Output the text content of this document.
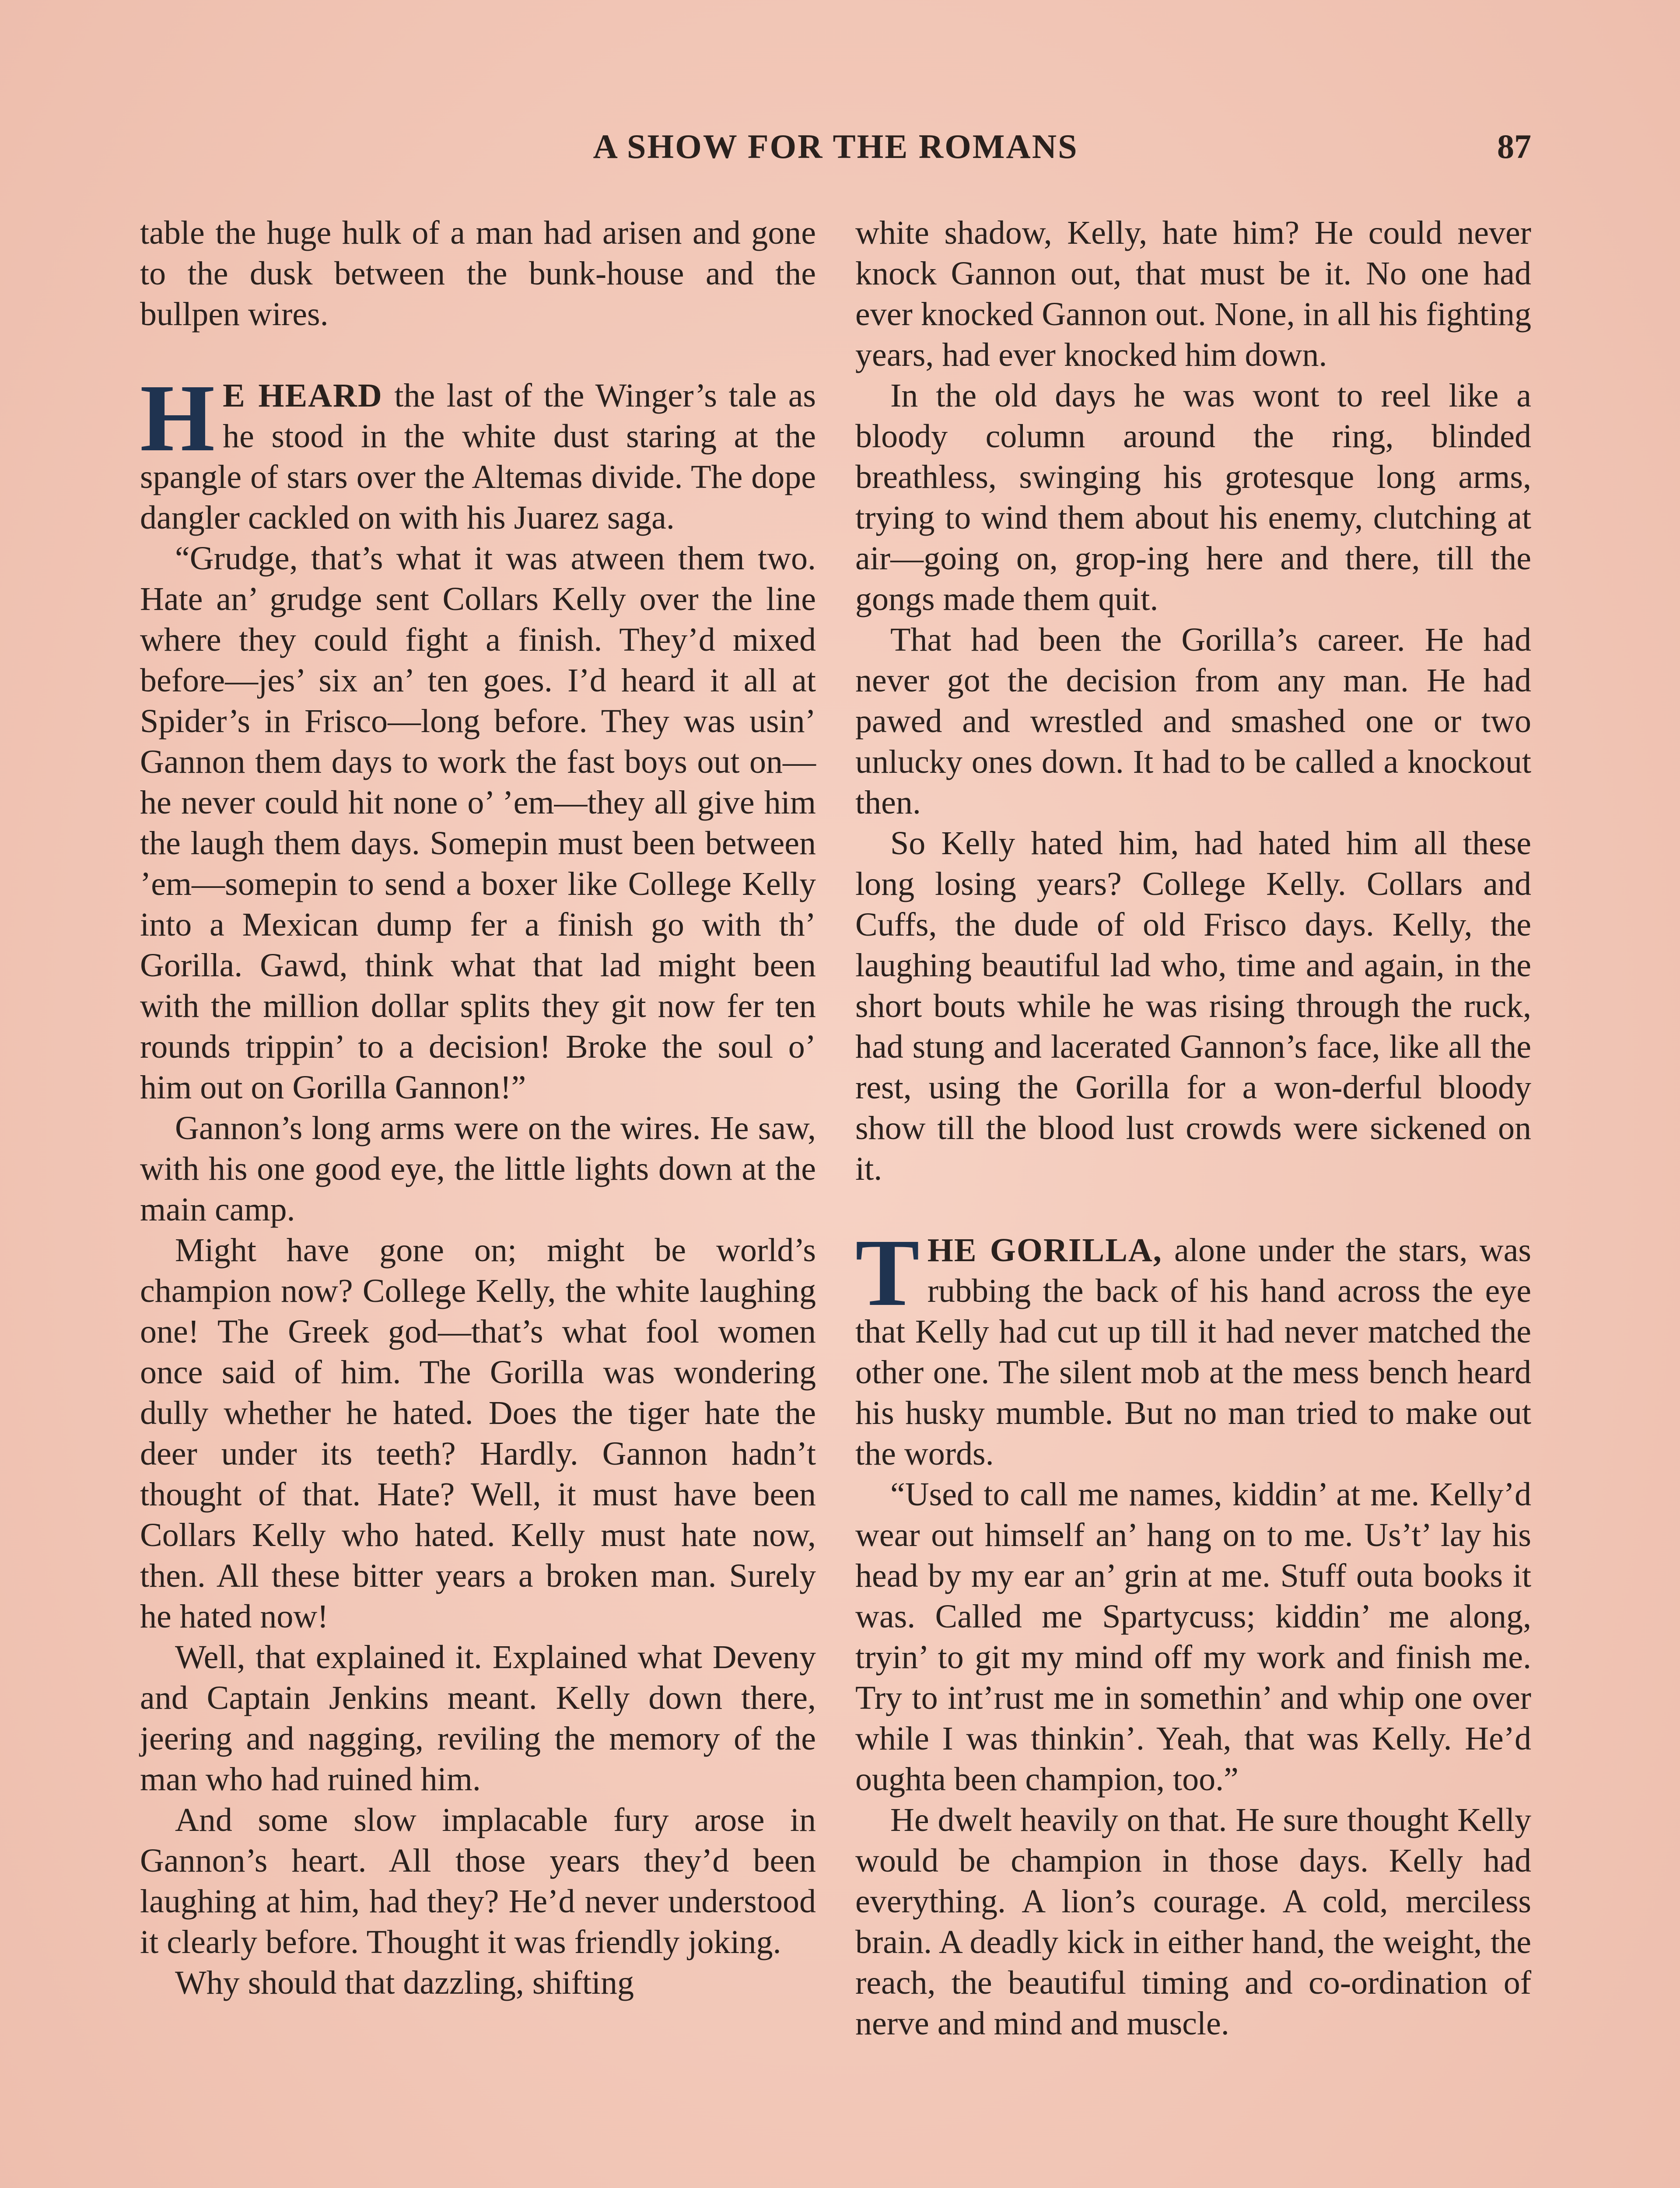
A SHOW FOR THE ROMANS	87

table the huge hulk of a man had arisen and gone to the dusk between the bunk-house and the bullpen wires.

H E HEARD the last of the Winger’s tale as he stood in the white dust staring at the spangle of stars over the Altemas divide. The dope dangler cackled on with his Juarez saga.

“Grudge, that’s what it was atween them two. Hate an’ grudge sent Collars Kelly over the line where they could fight a finish. They’d mixed before—jes’ six an’ ten goes. I’d heard it all at Spider’s in Frisco—long before. They was usin’ Gannon them days to work the fast boys out on—he never could hit none o’ ’em—they all give him the laugh them days. Somepin must been between ’em—somepin to send a boxer like College Kelly into a Mexican dump fer a finish go with th’ Gorilla. Gawd, think what that lad might been with the million dollar splits they git now fer ten rounds trippin’ to a decision! Broke the soul o’ him out on Gorilla Gannon!”

Gannon’s long arms were on the wires. He saw, with his one good eye, the little lights down at the main camp.

Might have gone on; might be world’s champion now? College Kelly, the white laughing one! The Greek god—that’s what fool women once said of him. The Gorilla was wondering dully whether he hated. Does the tiger hate the deer under its teeth? Hardly. Gannon hadn’t thought of that. Hate? Well, it must have been Collars Kelly who hated. Kelly must hate now, then. All these bitter years a broken man. Surely he hated now!

Well, that explained it. Explained what Deveny and Captain Jenkins meant. Kelly down there, jeering and nagging, reviling the memory of the man who had ruined him.

And some slow implacable fury arose in Gannon’s heart. All those years they’d been laughing at him, had they? He’d never understood it clearly before. Thought it was friendly joking.

Why should that dazzling, shifting

white shadow, Kelly, hate him? He could never knock Gannon out, that must be it. No one had ever knocked Gannon out. None, in all his fighting years, had ever knocked him down.

In the old days he was wont to reel like a bloody column around the ring, blinded breathless, swinging his grotesque long arms, trying to wind them about his enemy, clutching at air—going on, grop-ing here and there, till the gongs made them quit.

That had been the Gorilla’s career. He had never got the decision from any man. He had pawed and wrestled and smashed one or two unlucky ones down. It had to be called a knockout then.

So Kelly hated him, had hated him all these long losing years? College Kelly. Collars and Cuffs, the dude of old Frisco days. Kelly, the laughing beautiful lad who, time and again, in the short bouts while he was rising through the ruck, had stung and lacerated Gannon’s face, like all the rest, using the Gorilla for a won-derful bloody show till the blood lust crowds were sickened on it.

THE GORILLA, alone under the stars, was rubbing the back of his hand across the eye that Kelly had cut up till it had never matched the other one. The silent mob at the mess bench heard his husky mumble. But no man tried to make out the words.

“Used to call me names, kiddin’ at me. Kelly’d wear out himself an’ hang on to me. Us’t’ lay his head by my ear an’ grin at me. Stuff outa books it was. Called me Spartycuss; kiddin’ me along, tryin’ to git my mind off my work and finish me. Try to int’rust me in somethin’ and whip one over while I was thinkin’. Yeah, that was Kelly. He’d oughta been champion, too.”

He dwelt heavily on that. He sure thought Kelly would be champion in those days. Kelly had everything. A lion’s courage. A cold, merciless brain. A deadly kick in either hand, the weight, the reach, the beautiful timing and co-ordination of nerve and mind and muscle.
